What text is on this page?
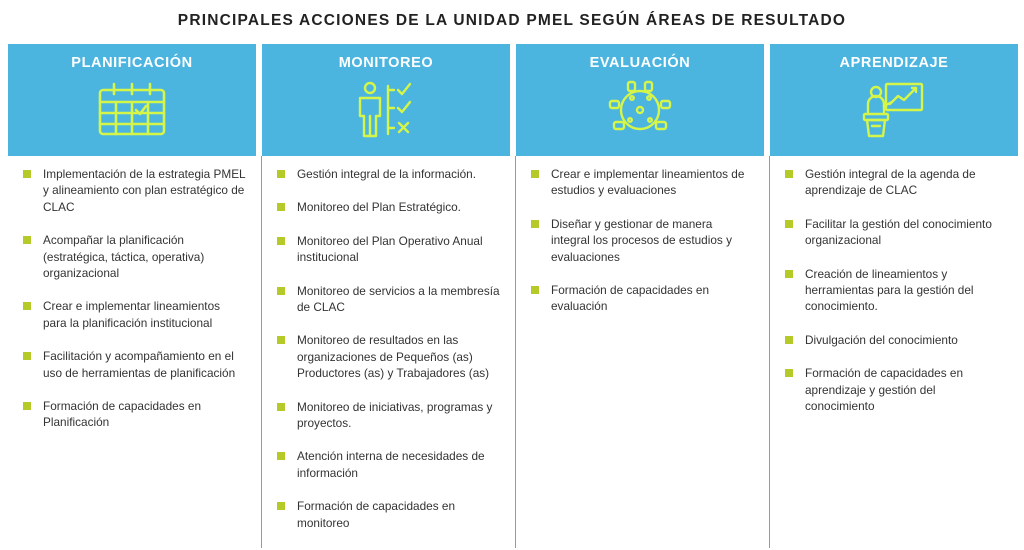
PRINCIPALES ACCIONES DE LA UNIDAD PMEL SEGÚN ÁREAS DE RESULTADO
PLANIFICACIÓN
Implementación de la estrategia PMEL y alineamiento con plan estratégico de CLAC
Acompañar la planificación (estratégica, táctica, operativa) organizacional
Crear e implementar lineamientos para la planificación institucional
Facilitación y acompañamiento en el uso de herramientas de planificación
Formación de capacidades en Planificación
MONITOREO
Gestión integral de la información.
Monitoreo del Plan Estratégico.
Monitoreo del Plan Operativo Anual institucional
Monitoreo de servicios a la membresía de CLAC
Monitoreo de resultados en las organizaciones de Pequeños (as) Productores (as) y Trabajadores (as)
Monitoreo de iniciativas, programas y proyectos.
Atención interna de necesidades de información
Formación de capacidades en monitoreo
EVALUACIÓN
Crear e implementar lineamientos de estudios y evaluaciones
Diseñar y gestionar de manera integral los procesos de estudios y evaluaciones
Formación de capacidades en evaluación
APRENDIZAJE
Gestión integral de la agenda de aprendizaje de CLAC
Facilitar la gestión del conocimiento organizacional
Creación de lineamientos y herramientas para la gestión del conocimiento.
Divulgación del conocimiento
Formación de capacidades en aprendizaje y gestión del conocimiento
